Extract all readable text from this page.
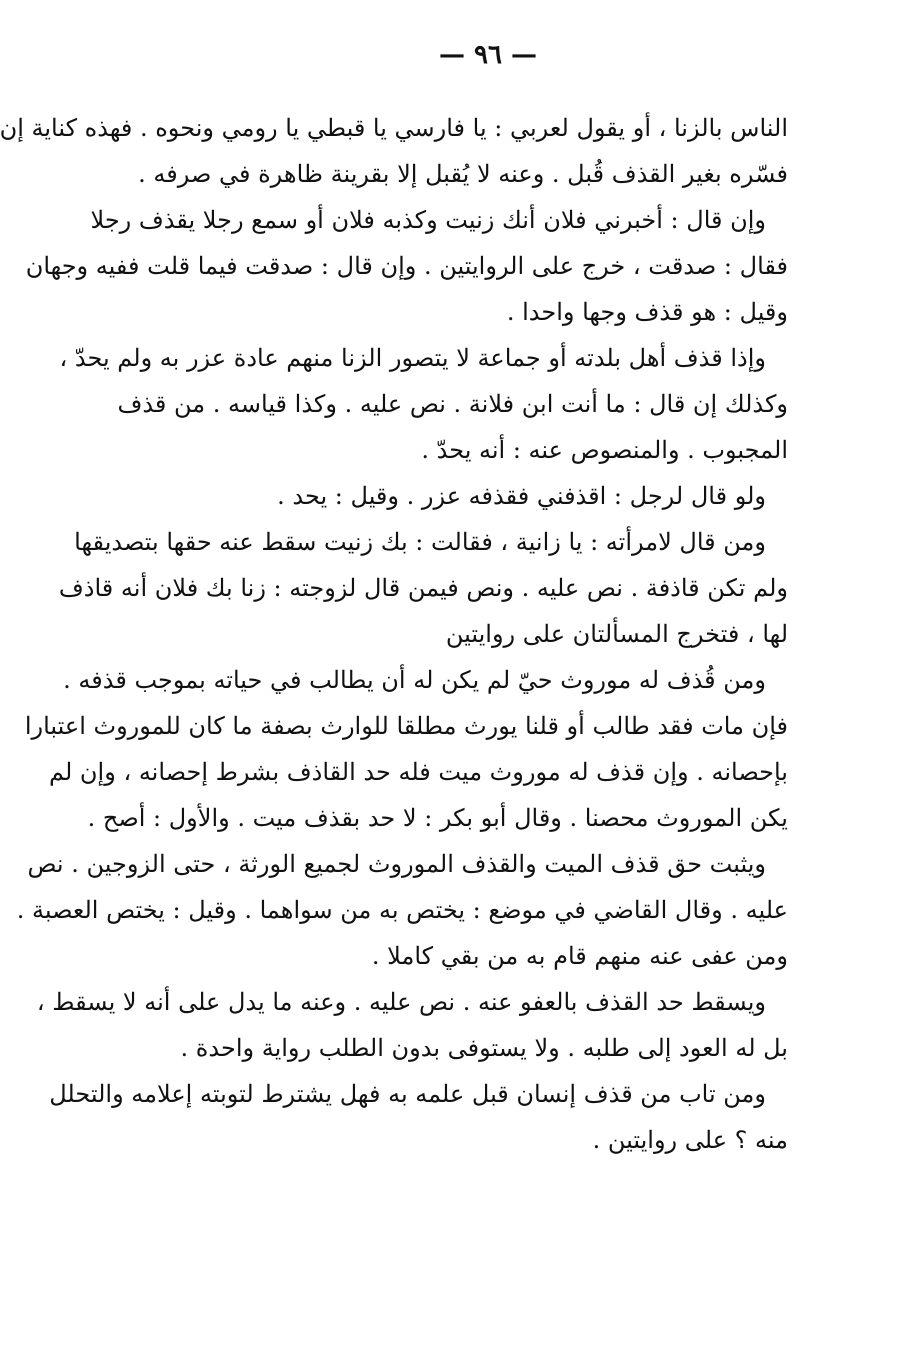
— ٩٦ —
الناس بالزنا ، أو يقول لعربي : يا فارسي يا قبطي يا رومي ونحوه . فهذه كناية إن
فسّره بغير القذف قُبل . وعنه لا يُقبل إلا بقرينة ظاهرة في صرفه .
وإن قال : أخبرني فلان أنك زنيت وكذبه فلان أو سمع رجلا يقذف رجلا
فقال : صدقت ، خرج على الروايتين . وإن قال : صدقت فيما قلت ففيه وجهان
وقيل : هو قذف وجها واحدا .
وإذا قذف أهل بلدته أو جماعة لا يتصور الزنا منهم عادة عزر به ولم يحدّ ،
وكذلك إن قال : ما أنت ابن فلانة . نص عليه . وكذا قياسه . من قذف
المجبوب . والمنصوص عنه : أنه يحدّ .
ولو قال لرجل : اقذفني فقذفه عزر . وقيل : يحد .
ومن قال لامرأته : يا زانية ، فقالت : بك زنيت سقط عنه حقها بتصديقها
ولم تكن قاذفة . نص عليه . ونص فيمن قال لزوجته : زنا بك فلان أنه قاذف
لها ، فتخرج المسألتان على روايتين
ومن قُذف له موروث حيّ لم يكن له أن يطالب في حياته بموجب قذفه .
فإن مات فقد طالب أو قلنا يورث مطلقا للوارث بصفة ما كان للموروث اعتبارا
بإحصانه . وإن قذف له موروث ميت فله حد القاذف بشرط إحصانه ، وإن لم
يكن الموروث محصنا . وقال أبو بكر : لا حد بقذف ميت . والأول : أصح .
ويثبت حق قذف الميت والقذف الموروث لجميع الورثة ، حتى الزوجين . نص
عليه . وقال القاضي في موضع : يختص به من سواهما . وقيل : يختص العصبة .
ومن عفى عنه منهم قام به من بقي كاملا .
ويسقط حد القذف بالعفو عنه . نص عليه . وعنه ما يدل على أنه لا يسقط ،
بل له العود إلى طلبه . ولا يستوفى بدون الطلب رواية واحدة .
ومن تاب من قذف إنسان قبل علمه به فهل يشترط لتوبته إعلامه والتحلل
منه ؟ على روايتين .
